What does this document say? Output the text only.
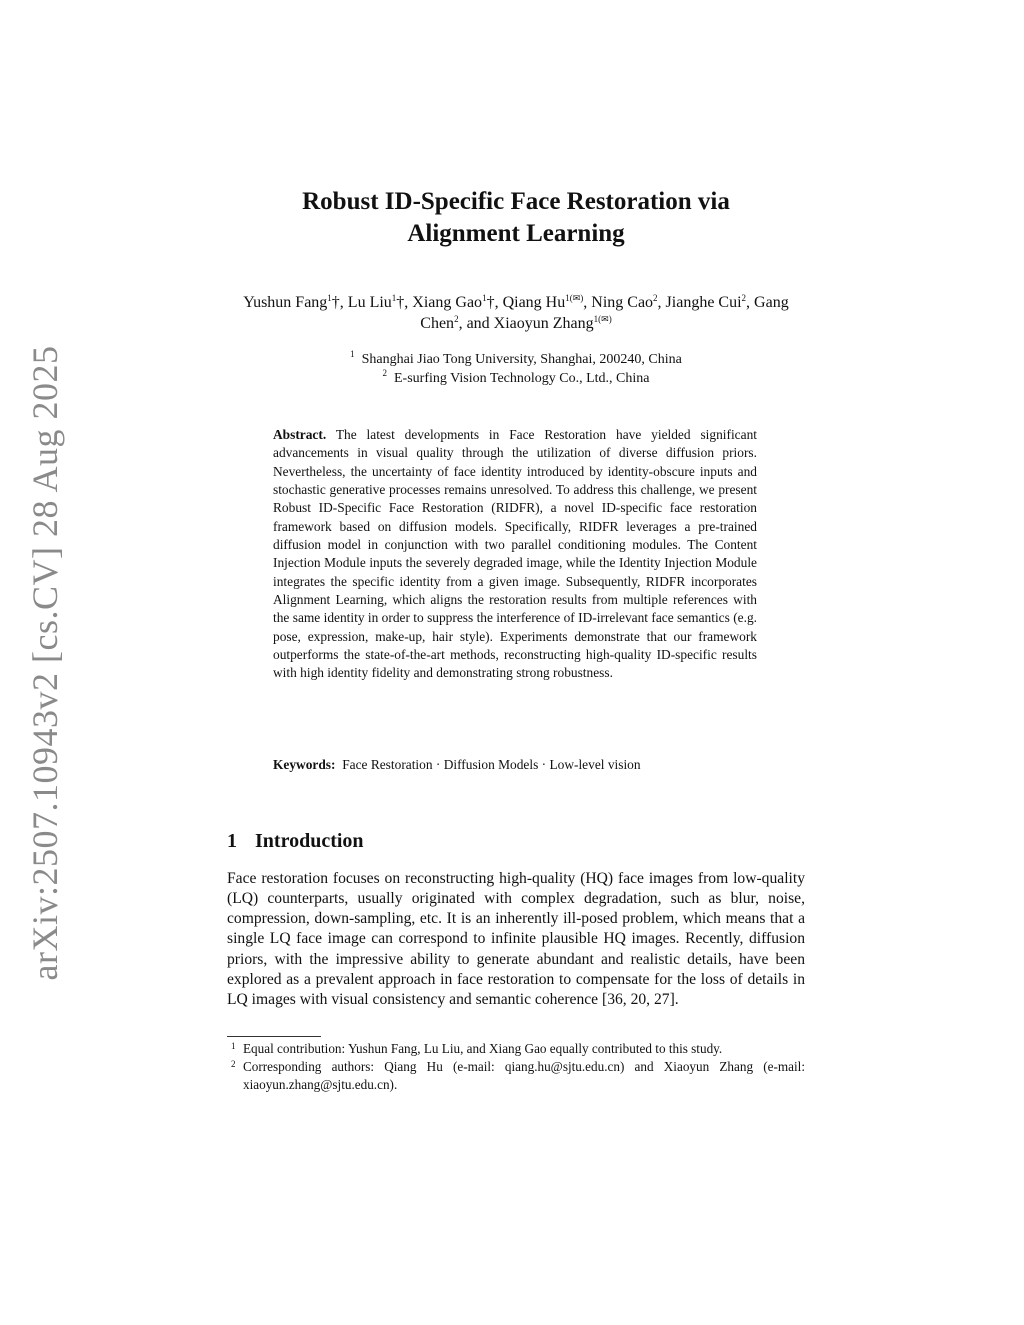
arXiv:2507.10943v2 [cs.CV] 28 Aug 2025
Robust ID-Specific Face Restoration via
Alignment Learning
Yushun Fang$^1$†, Lu Liu$^1$†, Xiang Gao$^1$†, Qiang $Hu^{1(✉)}$, Ning Cao$^2$, Jianghe Cui$^2$, Gang Chen$^2$, and Xiaoyun Zhang$^{1(✉)}$
$^1$ Shanghai Jiao Tong University, Shanghai, 200240, China
$^2$ E-surfing Vision Technology Co., Ltd., China
Abstract. The latest developments in Face Restoration have yielded significant advancements in visual quality through the utilization of diverse diffusion priors. Nevertheless, the uncertainty of face identity introduced by identity-obscure inputs and stochastic generative processes remains unresolved. To address this challenge, we present Robust ID-Specific Face Restoration (RIDFR), a novel ID-specific face restoration framework based on diffusion models. Specifically, RIDFR leverages a pre-trained diffusion model in conjunction with two parallel conditioning modules. The Content Injection Module inputs the severely degraded image, while the Identity Injection Module integrates the specific identity from a given image. Subsequently, RIDFR incorporates Alignment Learning, which aligns the restoration results from multiple references with the same identity in order to suppress the interference of ID-irrelevant face semantics (e.g. pose, expression, make-up, hair style). Experiments demonstrate that our framework outperforms the state-of-the-art methods, reconstructing high-quality ID-specific results with high identity fidelity and demonstrating strong robustness.
Keywords: Face Restoration · Diffusion Models · Low-level vision
1 Introduction
Face restoration focuses on reconstructing high-quality (HQ) face images from low-quality (LQ) counterparts, usually originated with complex degradation, such as blur, noise, compression, down-sampling, etc. It is an inherently ill-posed problem, which means that a single LQ face image can correspond to infinite plausible HQ images. Recently, diffusion priors, with the impressive ability to generate abundant and realistic details, have been explored as a prevalent approach in face restoration to compensate for the loss of details in LQ images with visual consistency and semantic coherence [36, 20, 27].
1 Equal contribution: Yushun Fang, Lu Liu, and Xiang Gao equally contributed to this study.
2 Corresponding authors: Qiang Hu (e-mail: qiang.hu@sjtu.edu.cn) and Xiaoyun Zhang (e-mail: xiaoyun.zhang@sjtu.edu.cn).
